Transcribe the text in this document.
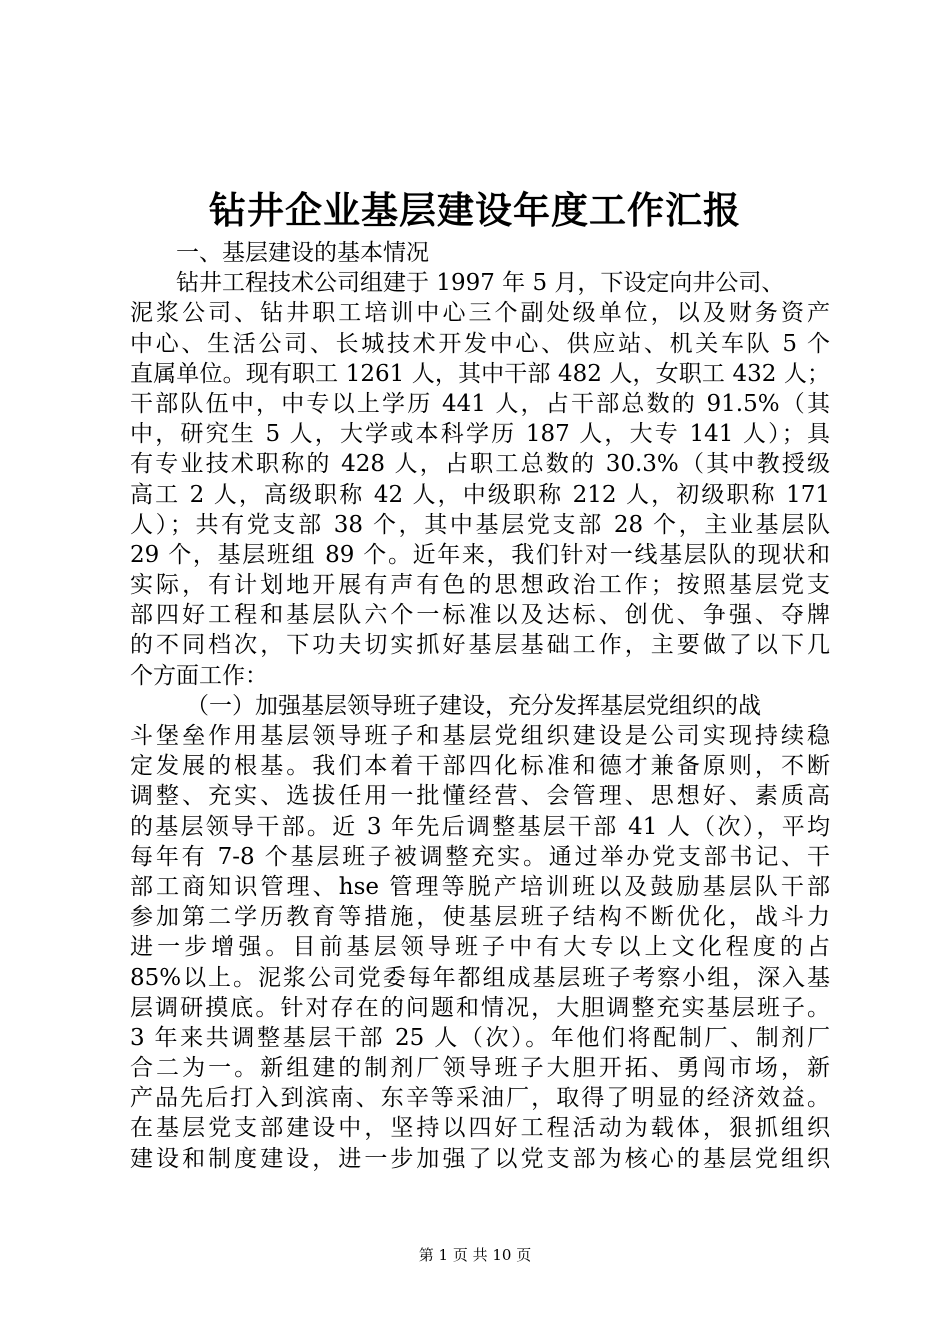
钻井企业基层建设年度工作汇报
一、基层建设的基本情况
钻井工程技术公司组建于 1997 年 5 月，下设定向井公司、
泥浆公司、钻井职工培训中心三个副处级单位，以及财务资产
中心、生活公司、长城技术开发中心、供应站、机关车队 5 个
直属单位。现有职工 1261 人，其中干部 482 人，女职工 432 人；
干部队伍中，中专以上学历 441 人，占干部总数的 91.5%（其
中，研究生 5 人，大学或本科学历 187 人，大专 141 人）；具
有专业技术职称的 428 人，占职工总数的 30.3%（其中教授级
高工 2 人，高级职称 42 人，中级职称 212 人，初级职称 171
人）；共有党支部 38 个，其中基层党支部 28 个，主业基层队
29 个，基层班组 89 个。近年来，我们针对一线基层队的现状和
实际，有计划地开展有声有色的思想政治工作；按照基层党支
部四好工程和基层队六个一标准以及达标、创优、争强、夺牌
的不同档次，下功夫切实抓好基层基础工作，主要做了以下几
个方面工作：
（一）加强基层领导班子建设，充分发挥基层党组织的战
斗堡垒作用基层领导班子和基层党组织建设是公司实现持续稳
定发展的根基。我们本着干部四化标准和德才兼备原则，不断
调整、充实、选拔任用一批懂经营、会管理、思想好、素质高
的基层领导干部。近 3 年先后调整基层干部 41 人（次），平均
每年有 7-8 个基层班子被调整充实。通过举办党支部书记、干
部工商知识管理、hse 管理等脱产培训班以及鼓励基层队干部
参加第二学历教育等措施，使基层班子结构不断优化，战斗力
进一步增强。目前基层领导班子中有大专以上文化程度的占
85%以上。泥浆公司党委每年都组成基层班子考察小组，深入基
层调研摸底。针对存在的问题和情况，大胆调整充实基层班子。
3 年来共调整基层干部 25 人（次）。年他们将配制厂、制剂厂
合二为一。新组建的制剂厂领导班子大胆开拓、勇闯市场，新
产品先后打入到滨南、东辛等采油厂，取得了明显的经济效益。
在基层党支部建设中，坚持以四好工程活动为载体，狠抓组织
建设和制度建设，进一步加强了以党支部为核心的基层党组织
第 1 页 共 10 页
